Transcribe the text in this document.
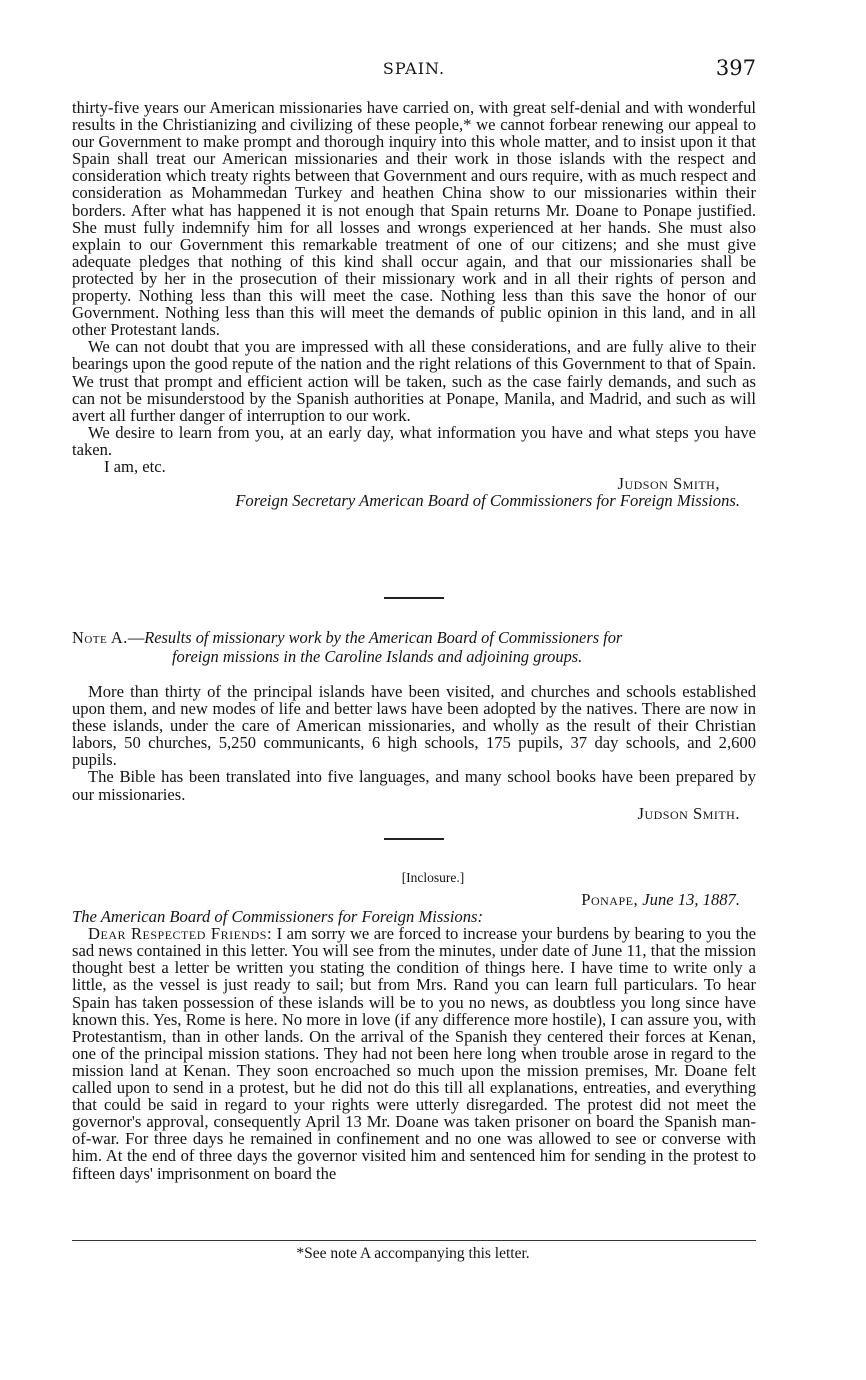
SPAIN.	397

thirty-five years our American missionaries have carried on, with great self-denial and with wonderful results in the Christianizing and civilizing of these people,* we cannot forbear renewing our appeal to our Government to make prompt and thorough inquiry into this whole matter, and to insist upon it that Spain shall treat our American missionaries and their work in those islands with the respect and consideration which treaty rights between that Government and ours require, with as much respect and consideration as Mohammedan Turkey and heathen China show to our missionaries within their borders. After what has happened it is not enough that Spain returns Mr. Doane to Ponape justified. She must fully indemnify him for all losses and wrongs experienced at her hands. She must also explain to our Government this remarkable treatment of one of our citizens; and she must give adequate pledges that nothing of this kind shall occur again, and that our missionaries shall be protected by her in the prosecution of their missionary work and in all their rights of person and property. Nothing less than this will meet the case. Nothing less than this save the honor of our Government. Nothing less than this will meet the demands of public opinion in this land, and in all other Protestant lands.

We can not doubt that you are impressed with all these considerations, and are fully alive to their bearings upon the good repute of the nation and the right relations of this Government to that of Spain. We trust that prompt and efficient action will be taken, such as the case fairly demands, and such as can not be misunderstood by the Spanish authorities at Ponape, Manila, and Madrid, and such as will avert all further danger of interruption to our work.

We desire to learn from you, at an early day, what information you have and what steps you have taken.

I am, etc.

Judson Smith,

Foreign Secretary American Board of Commissioners for Foreign Missions.

Note A.—Results of missionary work by the American Board of Commissioners for
foreign missions in the Caroline Islands and adjoining groups.

More than thirty of the principal islands have been visited, and churches and schools established upon them, and new modes of life and better laws have been adopted by the natives. There are now in these islands, under the care of American missionaries, and wholly as the result of their Christian labors, 50 churches, 5,250 communicants, 6 high schools, 175 pupils, 37 day schools, and 2,600 pupils.

The Bible has been translated into five languages, and many school books have been prepared by our missionaries.

Judson Smith.

[Inclosure.]

Ponape, June 13, 1887.

The American Board of Commissioners for Foreign Missions:

Dear Respected Friends: I am sorry we are forced to increase your burdens by bearing to you the sad news contained in this letter. You will see from the minutes, under date of June 11, that the mission thought best a letter be written you stating the condition of things here. I have time to write only a little, as the vessel is just ready to sail; but from Mrs. Rand you can learn full particulars. To hear Spain has taken possession of these islands will be to you no news, as doubtless you long since have known this. Yes, Rome is here. No more in love (if any difference more hostile), I can assure you, with Protestantism, than in other lands. On the arrival of the Spanish they centered their forces at Kenan, one of the principal mission stations. They had not been here long when trouble arose in regard to the mission land at Kenan. They soon encroached so much upon the mission premises, Mr. Doane felt called upon to send in a protest, but he did not do this till all explanations, entreaties, and everything that could be said in regard to your rights were utterly disregarded. The protest did not meet the governor's approval, consequently April 13 Mr. Doane was taken prisoner on board the Spanish man-of-war. For three days he remained in confinement and no one was allowed to see or converse with him. At the end of three days the governor visited him and sentenced him for sending in the protest to fifteen days' imprisonment on board the

*See note A accompanying this letter.
